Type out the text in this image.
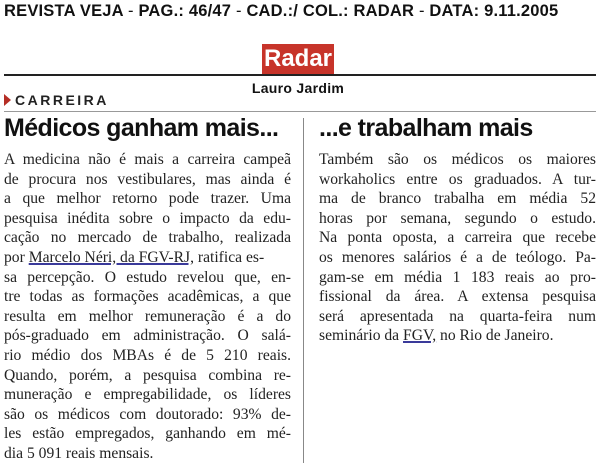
REVISTA VEJA - PAG.: 46/47 - CAD.:/ COL.: RADAR - DATA: 9.11.2005
Radar
Lauro Jardim
CARREIRA
Médicos ganham mais... ...e trabalham mais
A medicina não é mais a carreira campeã
de procura nos vestibulares, mas ainda é
a que melhor retorno pode trazer. Uma
pesquisa inédita sobre o impacto da edu-
cação no mercado de trabalho, realizada
por Marcelo Néri, da FGV-RJ, ratifica es-
sa percepção. O estudo revelou que, en-
tre todas as formações acadêmicas, a que
resulta em melhor remuneração é a do
pós-graduado em administração. O salá-
rio médio dos MBAs é de 5 210 reais.
Quando, porém, a pesquisa combina re-
muneração e empregabilidade, os líderes
são os médicos com doutorado: 93% de-
les estão empregados, ganhando em mé-
dia 5 091 reais mensais.
Também são os médicos os maiores
workaholics entre os graduados. A tur-
ma de branco trabalha em média 52
horas por semana, segundo o estudo.
Na ponta oposta, a carreira que recebe
os menores salários é a de teólogo. Pa-
gam-se em média 1 183 reais ao pro-
fissional da área. A extensa pesquisa
será apresentada na quarta-feira num
seminário da FGV, no Rio de Janeiro.
